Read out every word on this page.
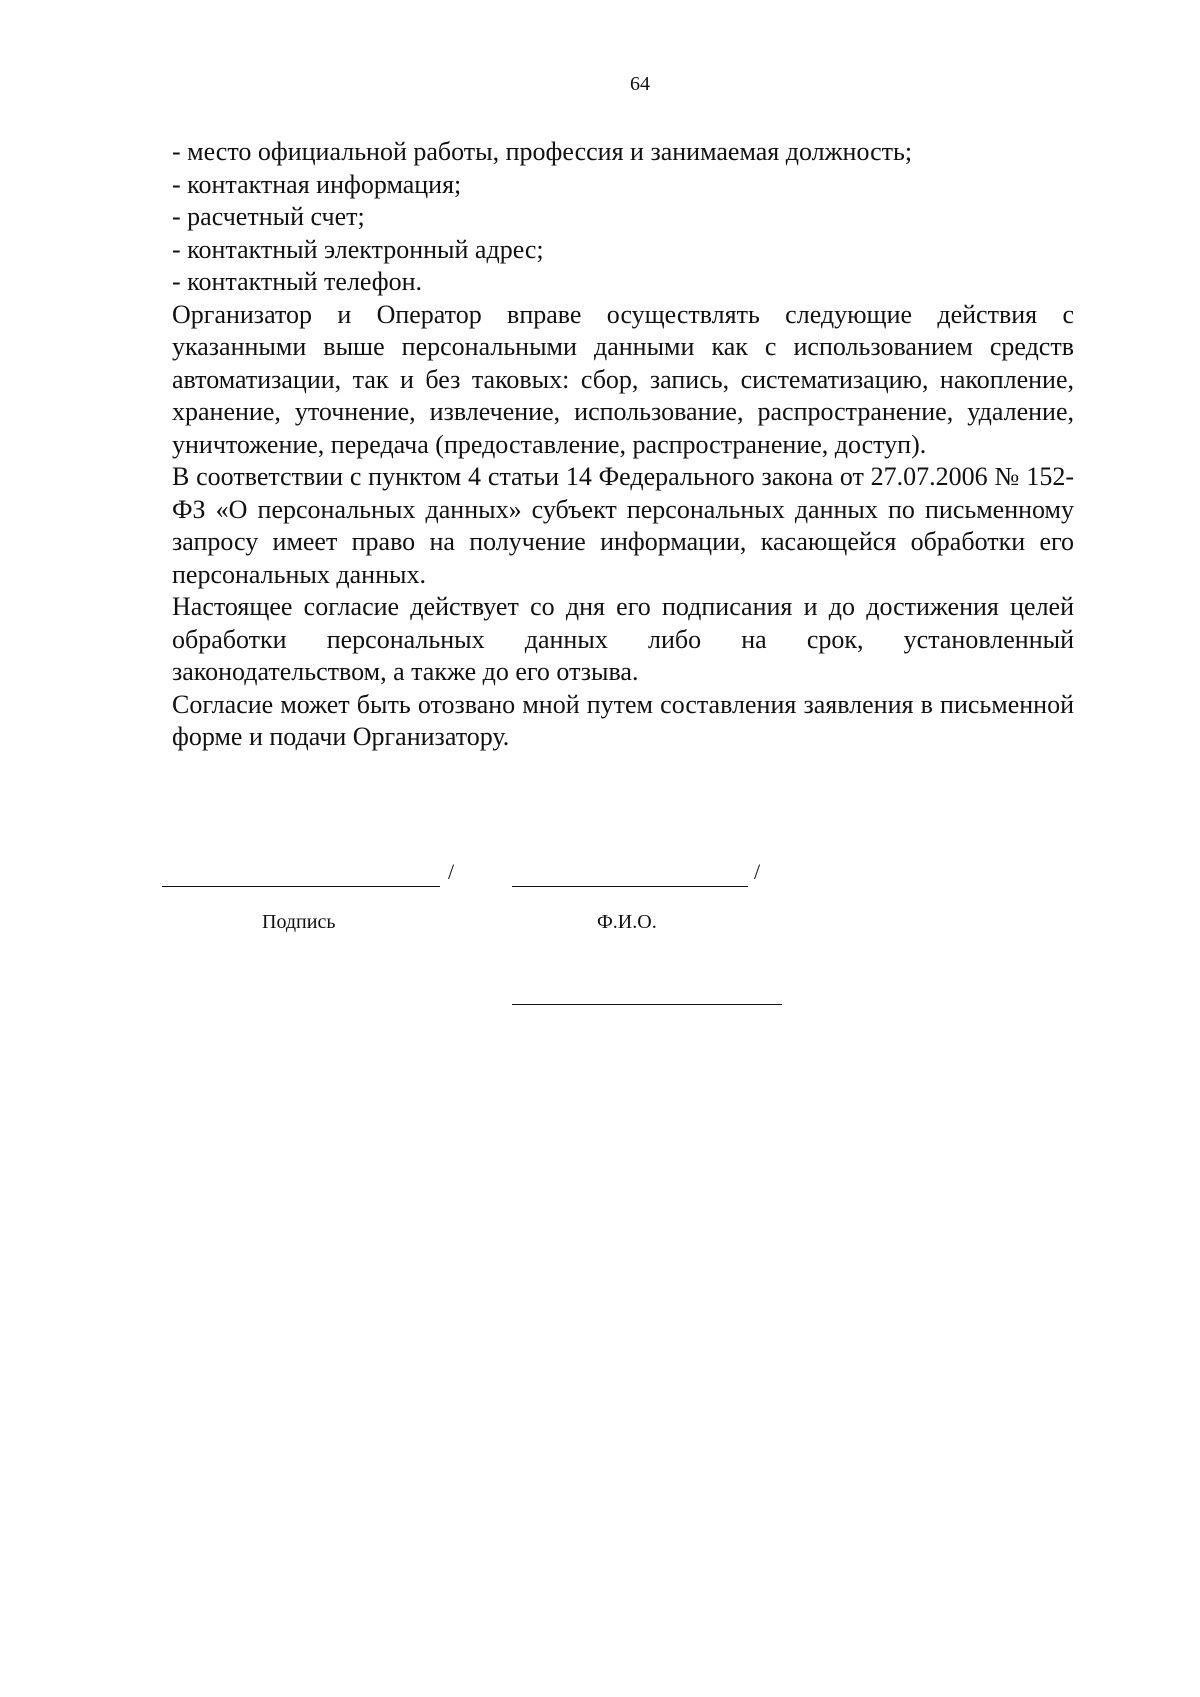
64

- место официальной работы, профессия и занимаемая должность;

- контактная информация;

- расчетный счет;

- контактный электронный адрес;

- контактный телефон.

Организатор и Оператор вправе осуществлять следующие действия с указанными выше персональными данными как с использованием средств автоматизации, так и без таковых: сбор, запись, систематизацию, накопление, хранение, уточнение, извлечение, использование, распространение, удаление, уничтожение, передача (предоставление, распространение, доступ).

В соответствии с пунктом 4 статьи 14 Федерального закона от 27.07.2006 № 152-ФЗ «О персональных данных» субъект персональных данных по письменному запросу имеет право на получение информации, касающейся обработки его персональных данных.

Настоящее согласие действует со дня его подписания и до достижения целей обработки персональных данных либо на срок, установленный законодательством, а также до его отзыва.

Согласие может быть отозвано мной путем составления заявления в письменной форме и подачи Организатору.

/	/
Подпись	Ф.И.О.
